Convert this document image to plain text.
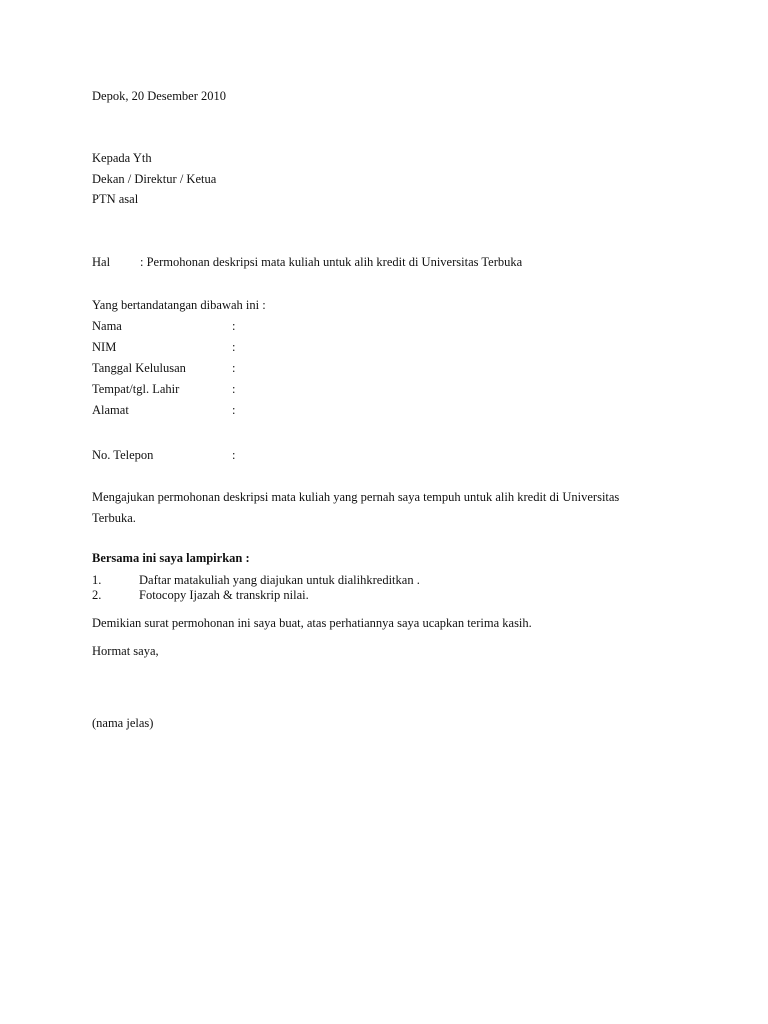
Depok, 20 Desember 2010
Kepada Yth
Dekan / Direktur / Ketua
PTN asal
Hal : Permohonan deskripsi mata kuliah untuk alih kredit di Universitas Terbuka
Yang bertandatangan dibawah ini :
Nama	:
NIM	:
Tanggal Kelulusan	:
Tempat/tgl. Lahir	:
Alamat	:
No. Telepon	:
Mengajukan permohonan deskripsi mata kuliah yang pernah saya tempuh untuk alih kredit di Universitas
Terbuka.
Bersama ini saya lampirkan :
1.	Daftar matakuliah yang diajukan untuk dialihkreditkan .
2.	Fotocopy Ijazah & transkrip nilai.
Demikian surat permohonan ini saya buat, atas perhatiannya saya ucapkan terima kasih.
Hormat saya,
(nama jelas)
